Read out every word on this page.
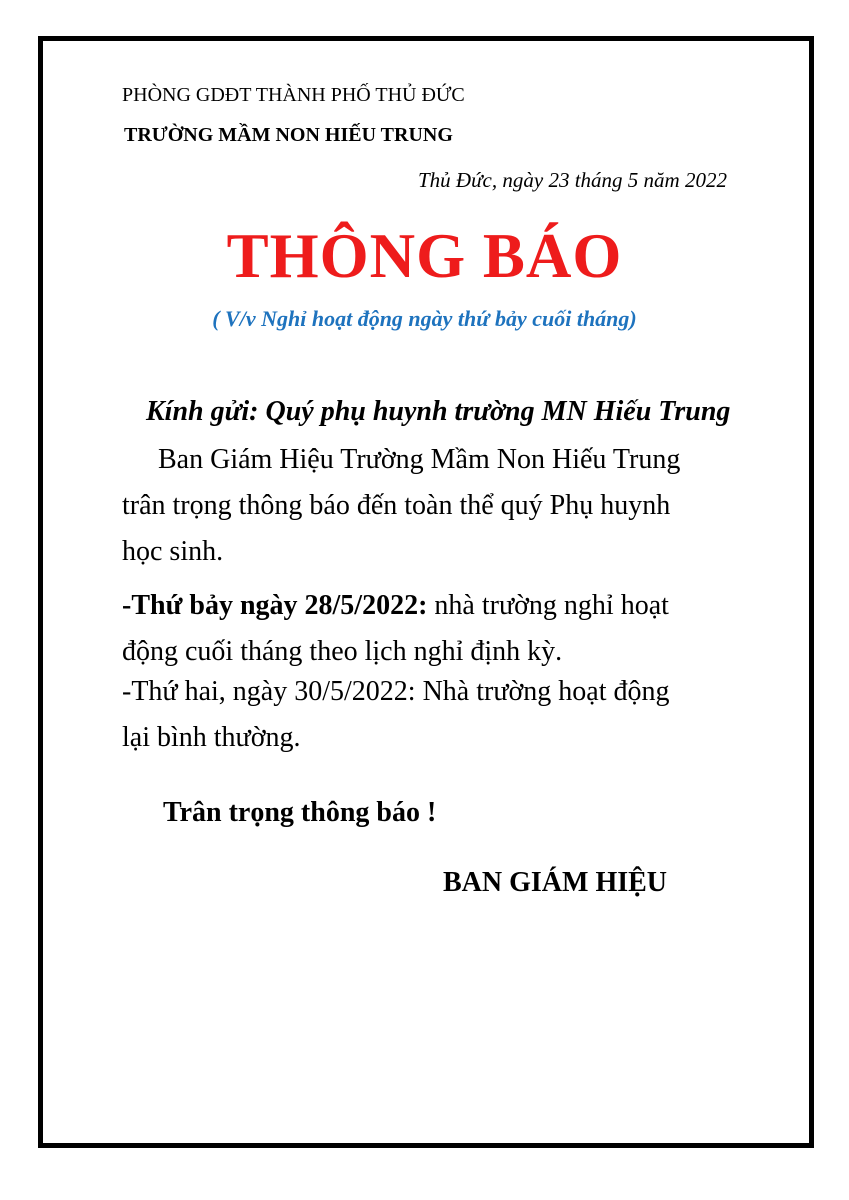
PHÒNG GDĐT THÀNH PHỐ THỦ ĐỨC
TRƯỜNG MẦM NON HIẾU TRUNG
Thủ Đức, ngày 23 tháng 5 năm 2022
THÔNG BÁO
( V/v Nghỉ hoạt động ngày thứ bảy cuối tháng)
Kính gửi: Quý phụ huynh trường MN Hiếu Trung
Ban Giám Hiệu Trường Mầm Non Hiếu Trung
trân trọng thông báo đến toàn thể quý Phụ huynh
học sinh.
-Thứ bảy ngày 28/5/2022: nhà trường nghỉ hoạt
động cuối tháng theo lịch nghỉ định kỳ.
-Thứ hai, ngày 30/5/2022: Nhà trường hoạt động
lại bình thường.
Trân trọng thông báo !
BAN GIÁM HIỆU
